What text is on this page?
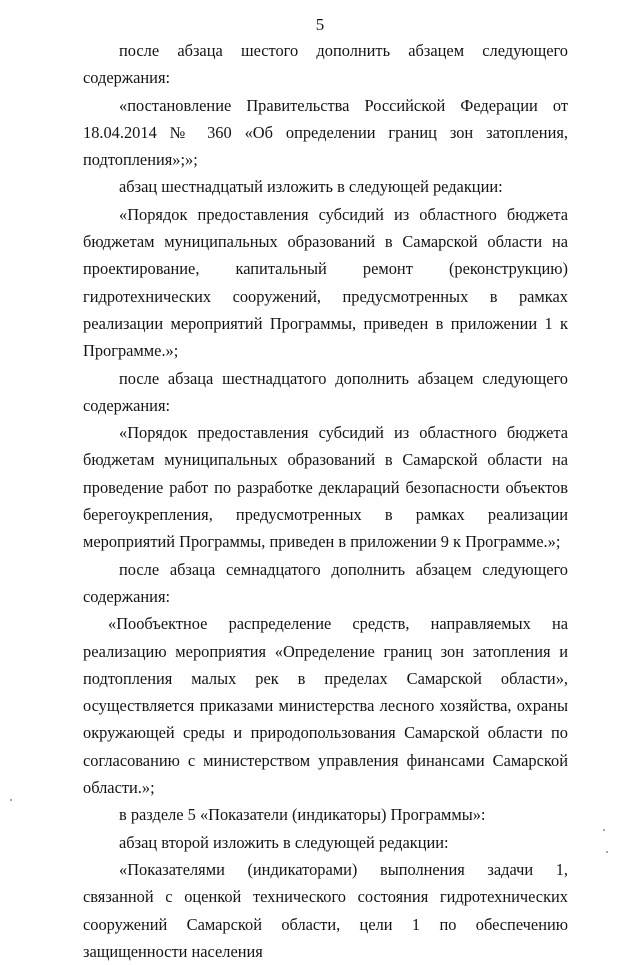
5

после абзаца шестого дополнить абзацем следующего содержания:

«постановление Правительства Российской Федерации от 18.04.2014 № 360 «Об определении границ зон затопления, подтопления»;»;

абзац шестнадцатый изложить в следующей редакции:

«Порядок предоставления субсидий из областного бюджета бюджетам муниципальных образований в Самарской области на проектирование, капитальный ремонт (реконструкцию) гидротехнических сооружений, предусмотренных в рамках реализации мероприятий Программы, приведен в приложении 1 к Программе.»;

после абзаца шестнадцатого дополнить абзацем следующего содержания:

«Порядок предоставления субсидий из областного бюджета бюджетам муниципальных образований в Самарской области на проведение работ по разработке деклараций безопасности объектов берегоукрепления, предусмотренных в рамках реализации мероприятий Программы, приведен в приложении 9 к Программе.»;

после абзаца семнадцатого дополнить абзацем следующего содержания:

«Пообъектное распределение средств, направляемых на реализацию мероприятия «Определение границ зон затопления и подтопления малых рек в пределах Самарской области», осуществляется приказами министерства лесного хозяйства, охраны окружающей среды и природопользования Самарской области по согласованию с министерством управления финансами Самарской области.»;

в разделе 5 «Показатели (индикаторы) Программы»:

абзац второй изложить в следующей редакции:

«Показателями (индикаторами) выполнения задачи 1, связанной с оценкой технического состояния гидротехнических сооружений Самарской области, цели 1 по обеспечению защищенности населения
